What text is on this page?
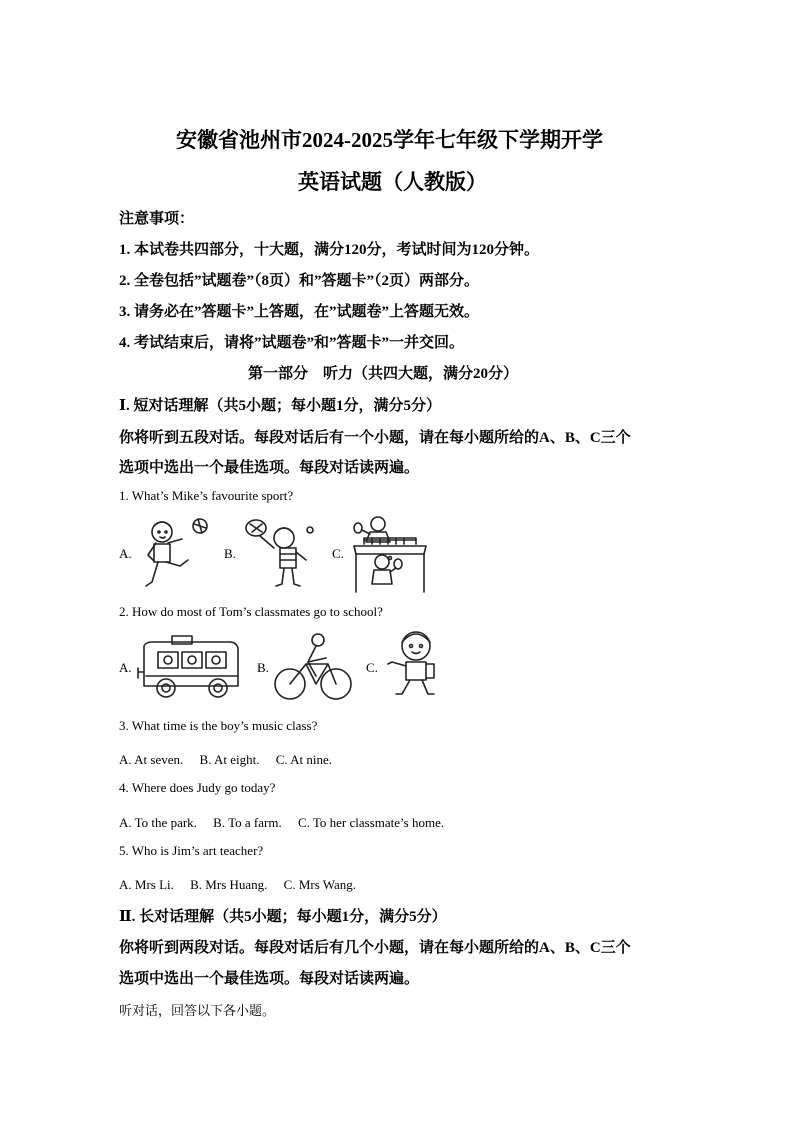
安徽省池州市2024-2025学年七年级下学期开学
英语试题（人教版）
注意事项：
1. 本试卷共四部分，十大题，满分120分，考试时间为120分钟。
2. 全卷包括”试题卷”（8页）和”答题卡”（2页）两部分。
3. 请务必在”答题卡”上答题，在”试题卷”上答题无效。
4. 考试结束后，请将”试题卷”和”答题卡”一并交回。
第一部分　听力（共四大题，满分20分）
Ⅰ. 短对话理解（共5小题；每小题1分，满分5分）
你将听到五段对话。每段对话后有一个小题，请在每小题所给的A、B、C三个
选项中选出一个最佳选项。每段对话读两遍。
1. What’s Mike’s favourite sport?
A.	B.	C.
2. How do most of Tom’s classmates go to school?
A.	B.	C.
3. What time is the boy’s music class?
A. At seven.　 B. At eight.　 C. At nine.
4. Where does Judy go today?
A. To the park.　 B. To a farm.　 C. To her classmate’s home.
5. Who is Jim’s art teacher?
A. Mrs Li.　 B. Mrs Huang.　 C. Mrs Wang.
Ⅱ. 长对话理解（共5小题；每小题1分，满分5分）
你将听到两段对话。每段对话后有几个小题，请在每小题所给的A、B、C三个
选项中选出一个最佳选项。每段对话读两遍。
听对话，回答以下各小题。
